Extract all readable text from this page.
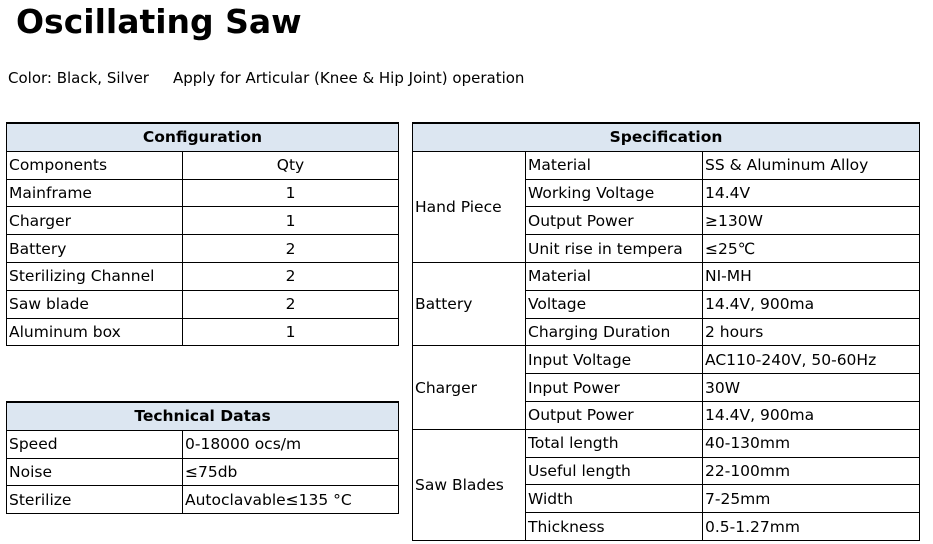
Oscillating Saw
Color: Black, Silver Apply for Articular (Knee & Hip Joint) operation
Configuration	
Components	Qty
Mainframe	1
Charger	1
Battery	2
Sterilizing Channel	2
Saw blade	2
Aluminum box	1
Technical Datas	
Speed	0-18000 ocs/m
Noise	≤75db
Sterilize	Autoclavable≤135 °C
Specification		
Hand Piece	Material	SS & Aluminum Alloy
	Working Voltage	14.4V
	Output Power	≥130W
	Unit rise in tempera	≤25℃
Battery	Material	NI-MH
	Voltage	14.4V, 900ma
	Charging Duration	2 hours
Charger	Input Voltage	AC110-240V, 50-60Hz
	Input Power	30W
	Output Power	14.4V, 900ma
Saw Blades	Total length	40-130mm
	Useful length	22-100mm
	Width	7-25mm
	Thickness	0.5-1.27mm
